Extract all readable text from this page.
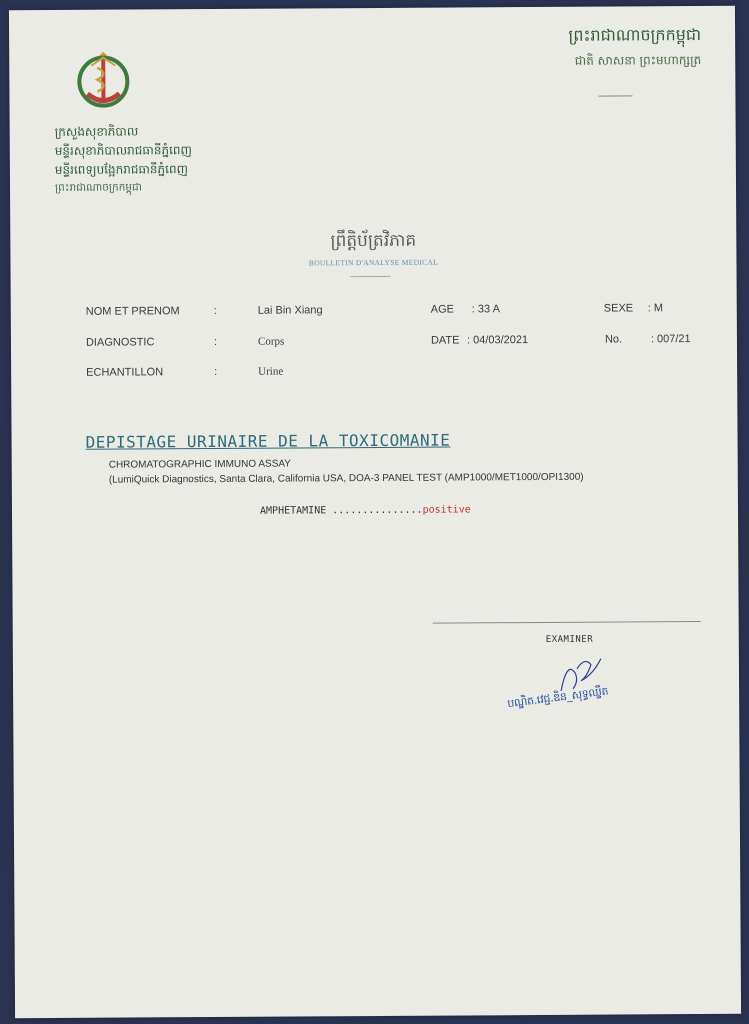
ក្រសួងសុខាភិបាល
មន្ទីរសុខាភិបាលរាជធានីភ្នំពេញ
មន្ទីរពេទ្យបង្អែករាជធានីភ្នំពេញ
ព្រះរាជាណាចក្រកម្ពុជា
ព្រះរាជាណាចក្រកម្ពុជា
ជាតិ សាសនា ព្រះមហាក្សត្រ
ព្រឹត្តិប័ត្រវិភាគ
BOULLETIN D'ANALYSE MEDICAL
NOM ET PRENOM	:	Lai Bin Xiang	AGE : 33 A	SEXE : M
DIAGNOSTIC	:	Corps	DATE : 04/03/2021	No.	: 007/21
ECHANTILLON	:	Urine
DEPISTAGE URINAIRE DE LA TOXICOMANIE
CHROMATOGRAPHIC IMMUNO ASSAY
(LumiQuick Diagnostics, Santa Clara, California USA, DOA-3 PANEL TEST (AMP1000/MET1000/OPI1300)
AMPHETAMINE ...............positive
EXAMINER
បណ្ឌិត.វេជ្ជ.ឌិន_សុទ្ធឈ្ឌឹត
